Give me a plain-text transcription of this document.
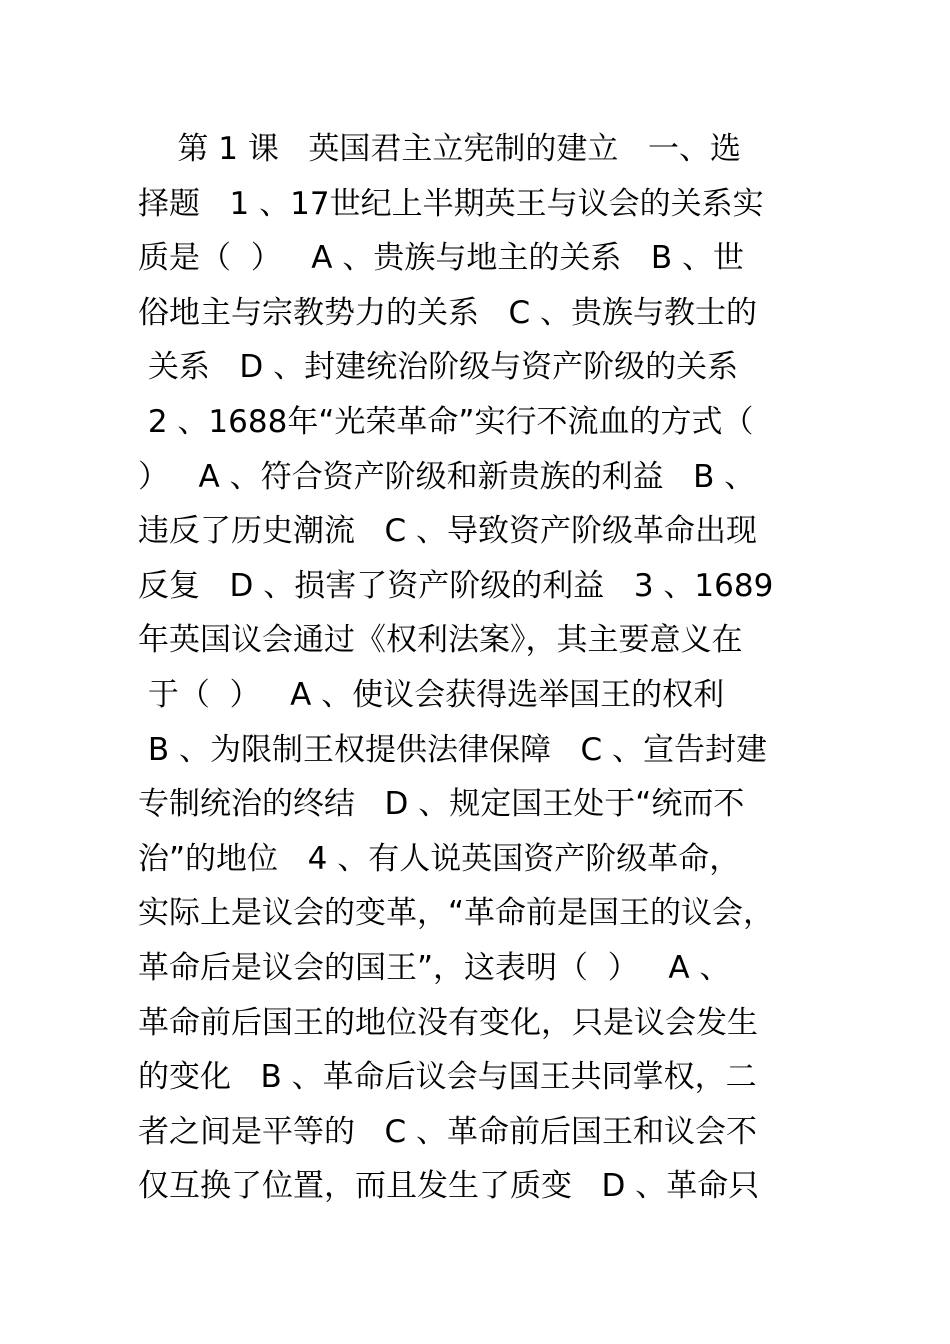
第 1 课   英国君主立宪制的建立   一、选
择题   1 、17世纪上半期英王与议会的关系实
质是（  ）   A 、贵族与地主的关系   B 、世
俗地主与宗教势力的关系   C 、贵族与教士的
关系   D 、封建统治阶级与资产阶级的关系
2 、1688年“光荣革命”实行不流血的方式（
）   A 、符合资产阶级和新贵族的利益   B 、
违反了历史潮流   C 、导致资产阶级革命出现
反复   D 、损害了资产阶级的利益   3 、1689
年英国议会通过《权利法案》，其主要意义在
于（  ）   A 、使议会获得选举国王的权利
B 、为限制王权提供法律保障   C 、宣告封建
专制统治的终结   D 、规定国王处于“统而不
治”的地位   4 、有人说英国资产阶级革命，
实际上是议会的变革，“革命前是国王的议会，
革命后是议会的国王”，这表明（  ）   A 、
革命前后国王的地位没有变化，只是议会发生
的变化   B 、革命后议会与国王共同掌权，二
者之间是平等的   C 、革命前后国王和议会不
仅互换了位置，而且发生了质变   D 、革命只
